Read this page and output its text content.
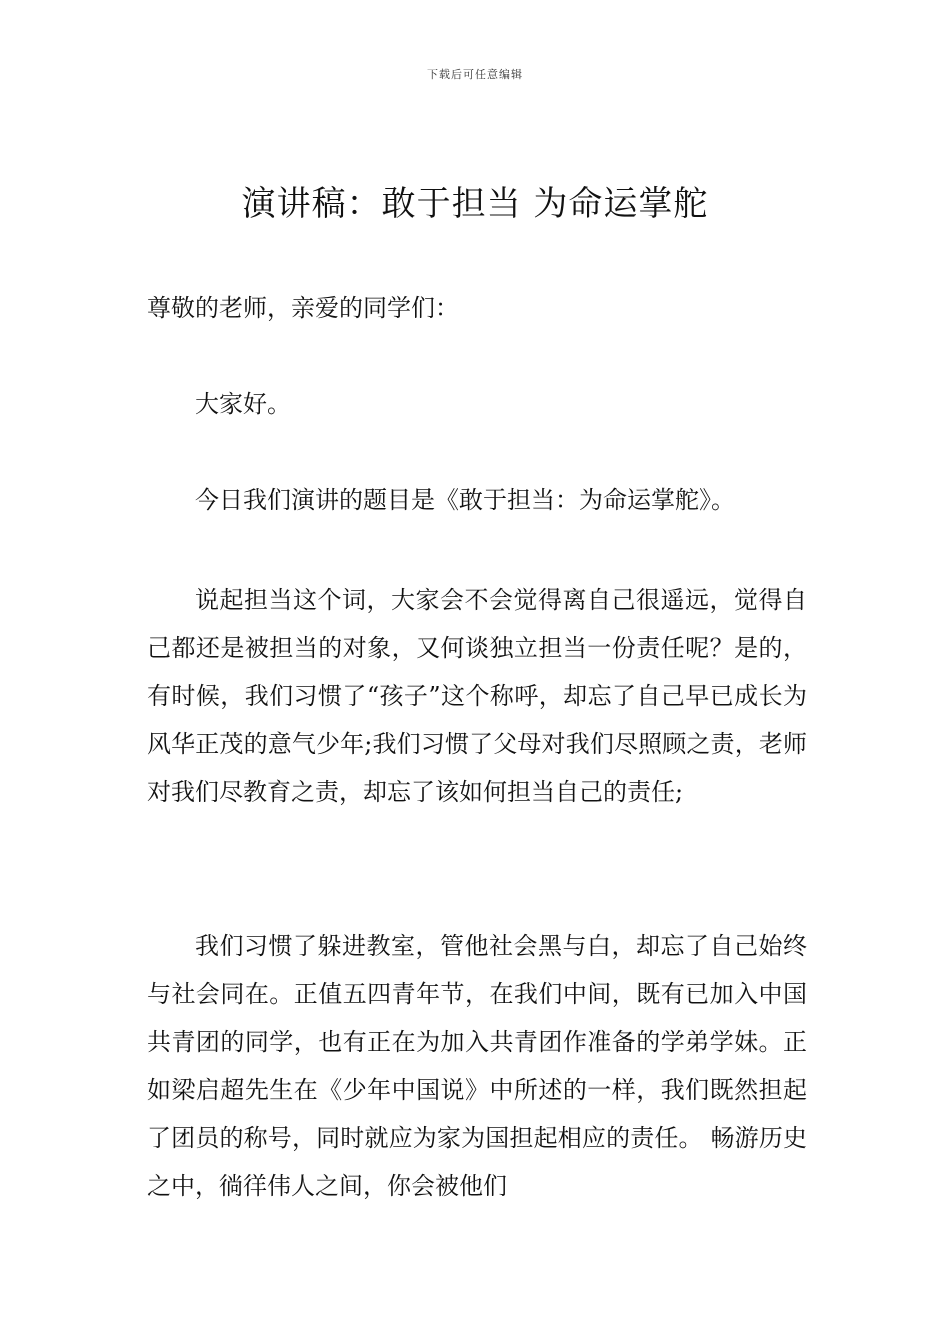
下载后可任意编辑
演讲稿：敢于担当 为命运掌舵

尊敬的老师，亲爱的同学们：

大家好。

今日我们演讲的题目是《敢于担当：为命运掌舵》。

说起担当这个词，大家会不会觉得离自己很遥远，觉得自己都还是被担当的对象，又何谈独立担当一份责任呢？是的，有时候，我们习惯了“孩子”这个称呼，却忘了自己早已成长为风华正茂的意气少年;我们习惯了父母对我们尽照顾之责，老师对我们尽教育之责，却忘了该如何担当自己的责任;

我们习惯了躲进教室，管他社会黑与白，却忘了自己始终与社会同在。正值五四青年节，在我们中间，既有已加入中国共青团的同学，也有正在为加入共青团作准备的学弟学妹。正如梁启超先生在《少年中国说》中所述的一样，我们既然担起了团员的称号，同时就应为家为国担起相应的责任。 畅游历史之中，徜徉伟人之间，你会被他们
